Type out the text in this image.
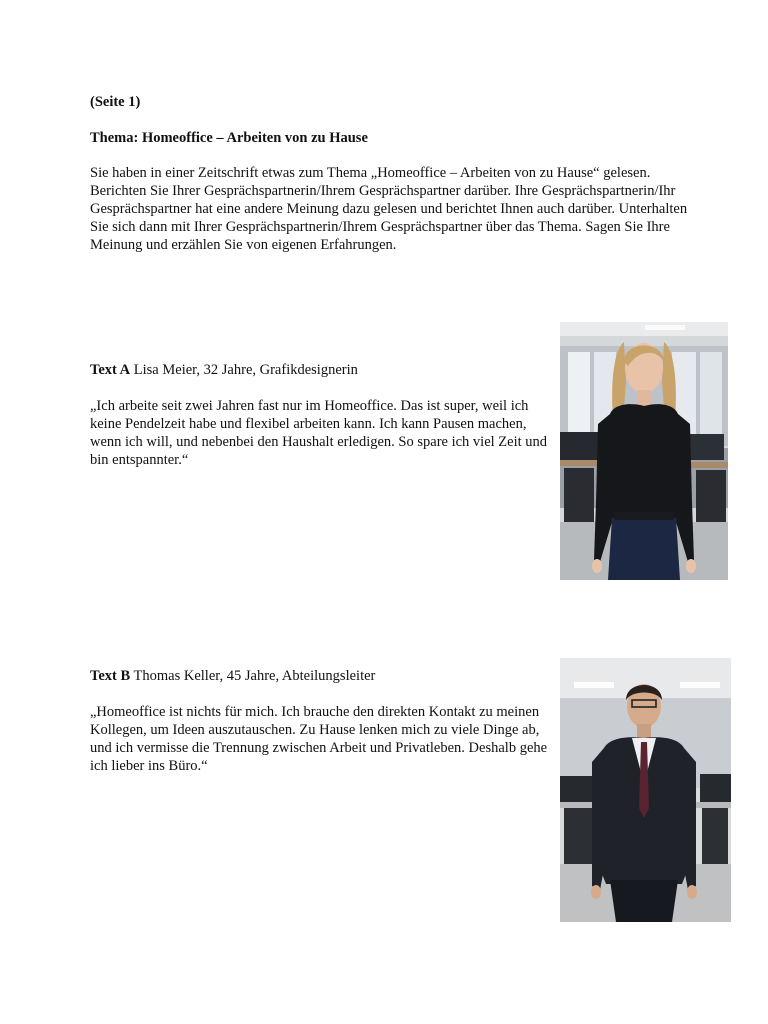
(Seite 1)
Thema: Homeoffice – Arbeiten von zu Hause

Sie haben in einer Zeitschrift etwas zum Thema „Homeoffice – Arbeiten von zu Hause“ gelesen. Berichten Sie Ihrer Gesprächspartnerin/Ihrem Gesprächspartner darüber. Ihre Gesprächspartnerin/Ihr Gesprächspartner hat eine andere Meinung dazu gelesen und berichtet Ihnen auch darüber. Unterhalten Sie sich dann mit Ihrer Gesprächspartnerin/Ihrem Gesprächspartner über das Thema. Sagen Sie Ihre Meinung und erzählen Sie von eigenen Erfahrungen.

Text A Lisa Meier, 32 Jahre, Grafikdesignerin

„Ich arbeite seit zwei Jahren fast nur im Homeoffice. Das ist super, weil ich keine Pendelzeit habe und flexibel arbeiten kann. Ich kann Pausen machen, wenn ich will, und nebenbei den Haushalt erledigen. So spare ich viel Zeit und bin entspannter.“

Text B Thomas Keller, 45 Jahre, Abteilungsleiter

„Homeoffice ist nichts für mich. Ich brauche den direkten Kontakt zu meinen Kollegen, um Ideen auszutauschen. Zu Hause lenken mich zu viele Dinge ab, und ich vermisse die Trennung zwischen Arbeit und Privatleben. Deshalb gehe ich lieber ins Büro.“
